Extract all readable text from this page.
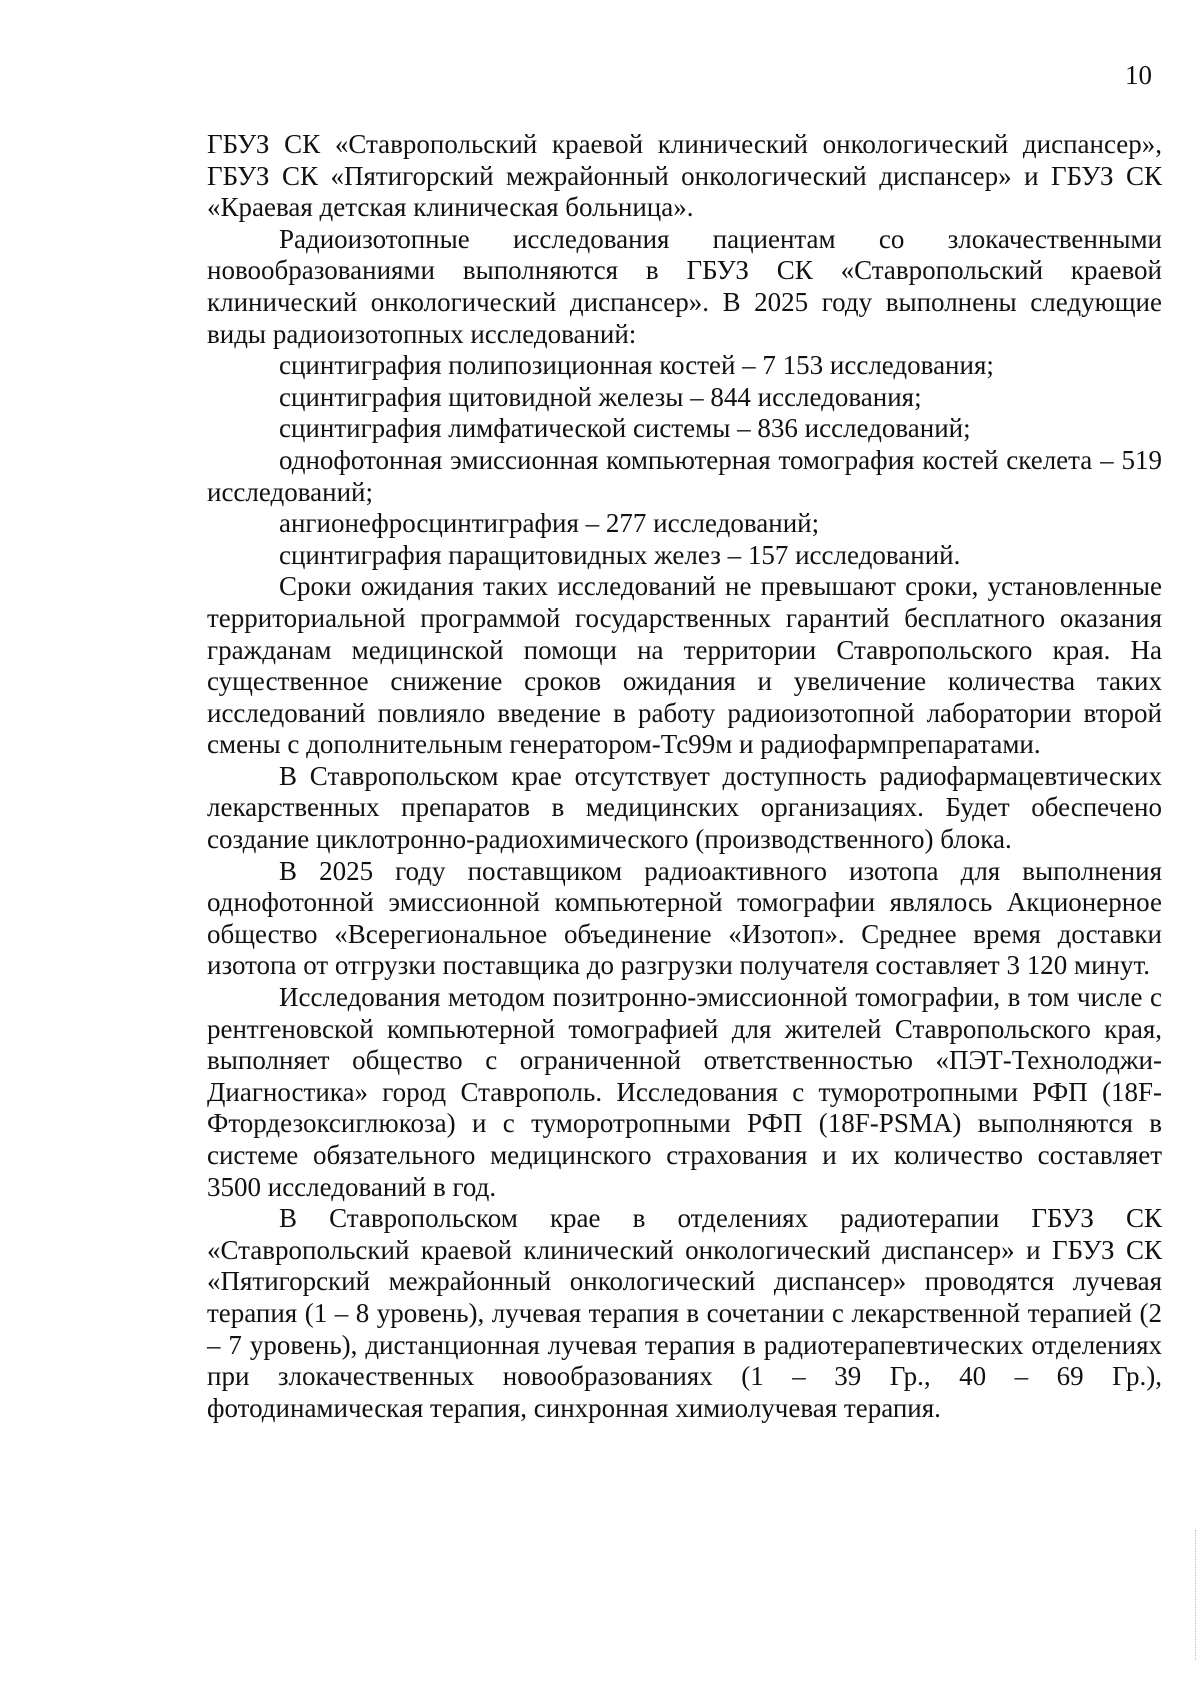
10

ГБУЗ СК «Ставропольский краевой клинический онкологический диспансер», ГБУЗ СК «Пятигорский межрайонный онкологический диспансер» и ГБУЗ СК «Краевая детская клиническая больница».

Радиоизотопные исследования пациентам со злокачественными новообразованиями выполняются в ГБУЗ СК «Ставропольский краевой клинический онкологический диспансер». В 2025 году выполнены следующие виды радиоизотопных исследований:

сцинтиграфия полипозиционная костей – 7 153 исследования;

сцинтиграфия щитовидной железы – 844 исследования;

сцинтиграфия лимфатической системы – 836 исследований;

однофотонная эмиссионная компьютерная томография костей скелета – 519 исследований;

ангионефросцинтиграфия – 277 исследований;

сцинтиграфия паращитовидных желез – 157 исследований.

Сроки ожидания таких исследований не превышают сроки, установленные территориальной программой государственных гарантий бесплатного оказания гражданам медицинской помощи на территории Ставропольского края. На существенное снижение сроков ожидания и увеличение количества таких исследований повлияло введение в работу радиоизотопной лаборатории второй смены с дополнительным генератором-Тс99м и радиофармпрепаратами.

В Ставропольском крае отсутствует доступность радиофармацевтических лекарственных препаратов в медицинских организациях. Будет обеспечено создание циклотронно-радиохимического (производственного) блока.

В 2025 году поставщиком радиоактивного изотопа для выполнения однофотонной эмиссионной компьютерной томографии являлось Акционерное общество «Всерегиональное объединение «Изотоп». Среднее время доставки изотопа от отгрузки поставщика до разгрузки получателя составляет 3 120 минут.

Исследования методом позитронно-эмиссионной томографии, в том числе с рентгеновской компьютерной томографией для жителей Ставропольского края, выполняет общество с ограниченной ответственностью «ПЭТ-Технолоджи-Диагностика» город Ставрополь. Исследования с туморотропными РФП (18F-Фтордезоксиглюкоза) и с туморотропными РФП (18F-PSMA) выполняются в системе обязательного медицинского страхования и их количество составляет 3500 исследований в год.

В Ставропольском крае в отделениях радиотерапии ГБУЗ СК «Ставропольский краевой клинический онкологический диспансер» и ГБУЗ СК «Пятигорский межрайонный онкологический диспансер» проводятся лучевая терапия (1 – 8 уровень), лучевая терапия в сочетании с лекарственной терапией (2 – 7 уровень), дистанционная лучевая терапия в радиотерапевтических отделениях при злокачественных новообразованиях (1 – 39 Гр., 40 – 69 Гр.), фотодинамическая терапия, синхронная химиолучевая терапия.
